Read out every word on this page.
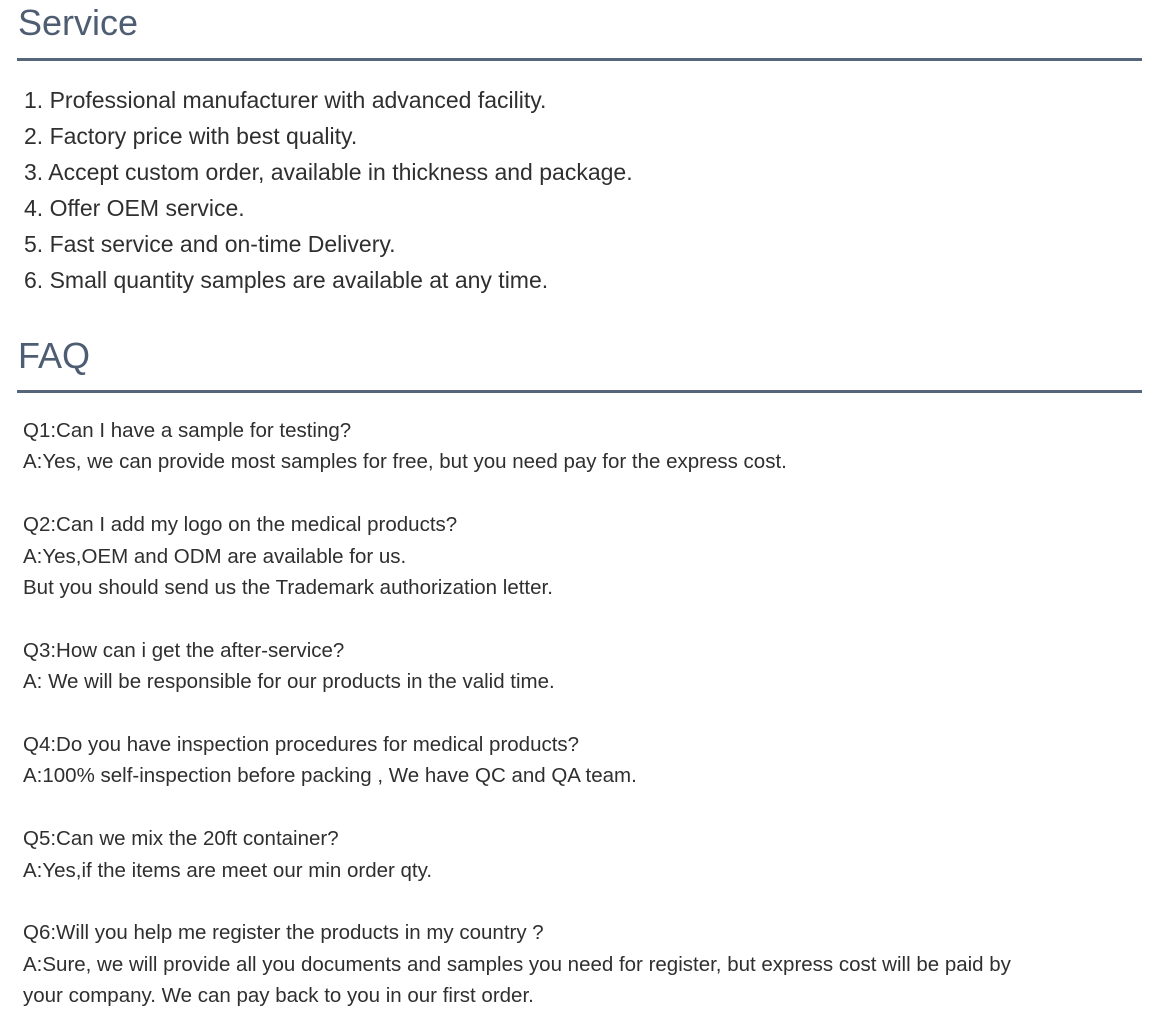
Service
1. Professional manufacturer with advanced facility.
2. Factory price with best quality.
3. Accept custom order, available in thickness and package.
4. Offer OEM service.
5. Fast service and on-time Delivery.
6. Small quantity samples are available at any time.
FAQ
Q1:Can I have a sample for testing?
A:Yes, we can provide most samples for free, but you need pay for the express cost.
Q2:Can I add my logo on the medical products?
A:Yes,OEM and ODM are available for us.
But you should send us the Trademark authorization letter.
Q3:How can i get the after-service?
A: We will be responsible for our products in the valid time.
Q4:Do you have inspection procedures for medical products?
A:100% self-inspection before packing , We have QC and QA team.
Q5:Can we mix the 20ft container?
A:Yes,if the items are meet our min order qty.
Q6:Will you help me register the products in my country ?
A:Sure, we will provide all you documents and samples you need for register, but express cost will be paid by
your company. We can pay back to you in our first order.
